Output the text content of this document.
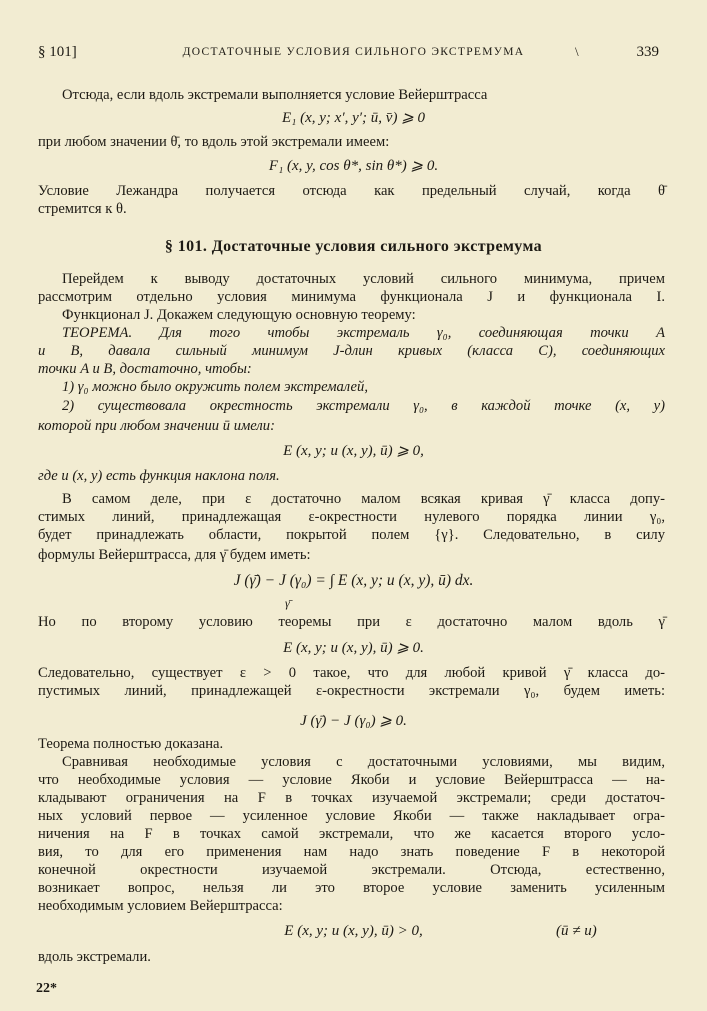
§ 101]	ДОСТАТОЧНЫЕ УСЛОВИЯ СИЛЬНОГО ЭКСТРЕМУМА	\	339
Отсюда, если вдоль экстремали выполняется условие Вейерштрасса
E₁ (x, y; x′, y′; ū, v̄) ⩾ 0
при любом значении θ̄, то вдоль этой экстремали имеем:
F₁ (x, y, cos θ*, sin θ*) ⩾ 0.
Условие Лежандра получается отсюда как предельный случай, когда θ̄
стремится к θ.
§ 101. Достаточные условия сильного экстремума
Перейдем к выводу достаточных условий сильного минимума, причем
рассмотрим отдельно условия минимума функционала J и функционала I.
Функционал J. Докажем следующую основную теорему:
ТЕОРЕМА. Для того чтобы экстремаль γ₀, соединяющая точки A
и B, давала сильный минимум J-длин кривых (класса C), соединяющих
точки A и B, достаточно, чтобы:
1) γ₀ можно было окружить полем экстремалей,
2) существовала окрестность экстремали γ₀, в каждой точке (x, y)
которой при любом значении ū имели:
E (x, y; u (x, y), ū) ⩾ 0,
где u (x, y) есть функция наклона поля.
В самом деле, при ε достаточно малом всякая кривая γ̄ класса допу-
стимых линий, принадлежащая ε-окрестности нулевого порядка линии γ₀,
будет принадлежать области, покрытой полем {γ}. Следовательно, в силу
формулы Вейерштрасса, для γ̄ будем иметь:
J (γ̄) − J (γ₀) = ∫ E (x, y; u (x, y), ū) dx.
γ̄
Но по второму условию теоремы при ε достаточно малом вдоль γ̄
E (x, y; u (x, y), ū) ⩾ 0.
Следовательно, существует ε > 0 такое, что для любой кривой γ̄ класса до-
пустимых линий, принадлежащей ε-окрестности экстремали γ₀, будем иметь:
J (γ̄) − J (γ₀) ⩾ 0.
Теорема полностью доказана.
Сравнивая необходимые условия с достаточными условиями, мы видим,
что необходимые условия — условие Якоби и условие Вейерштрасса — на-
кладывают ограничения на F в точках изучаемой экстремали; среди достаточ-
ных условий первое — усиленное условие Якоби — также накладывает огра-
ничения на F в точках самой экстремали, что же касается второго усло-
вия, то для его применения нам надо знать поведение F в некоторой
конечной окрестности изучаемой экстремали. Отсюда, естественно,
возникает вопрос, нельзя ли это второе условие заменить усиленным
необходимым условием Вейерштрасса:
E (x, y; u (x, y), ū) > 0,	(ū ≠ u)
вдоль экстремали.
22*
